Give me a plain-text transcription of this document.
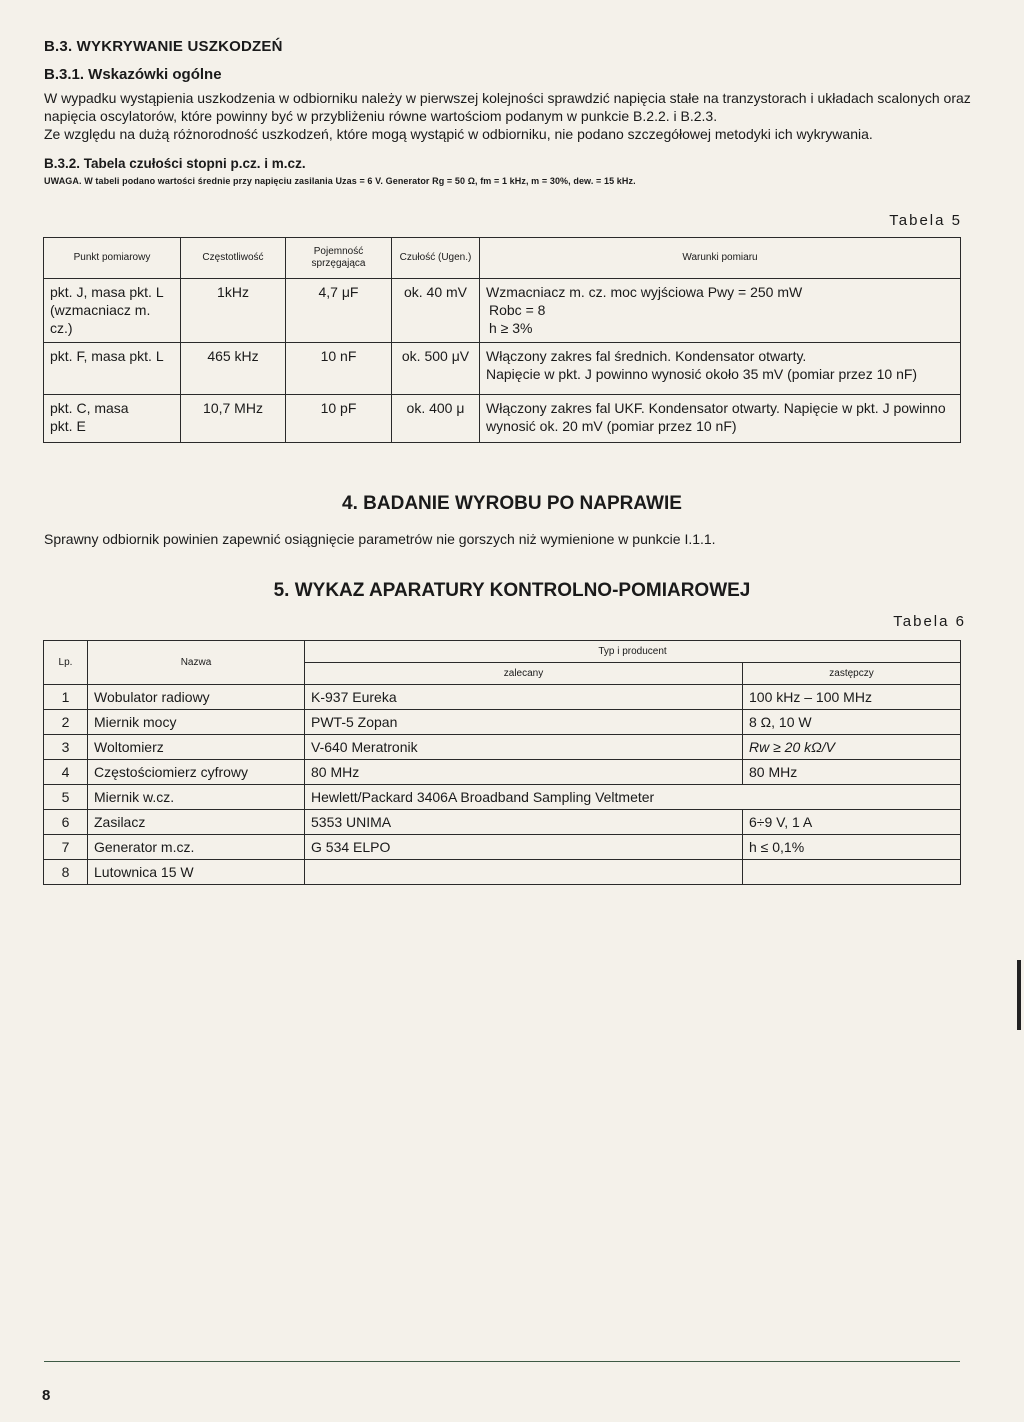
B.3. WYKRYWANIE USZKODZEŃ
B.3.1. Wskazówki ogólne
W wypadku wystąpienia uszkodzenia w odbiorniku należy w pierwszej kolejności sprawdzić napięcia stałe na tranzystorach i układach scalonych oraz napięcia oscylatorów, które powinny być w przybliżeniu równe wartościom podanym w punkcie B.2.2. i B.2.3.
Ze względu na dużą różnorodność uszkodzeń, które mogą wystąpić w odbiorniku, nie podano szczegółowej metodyki ich wykrywania.
B.3.2. Tabela czułości stopni p.cz. i m.cz.
UWAGA. W tabeli podano wartości średnie przy napięciu zasilania Uzas = 6 V. Generator Rg = 50 Ω, fm = 1 kHz, m = 30%, dew. = 15 kHz.
Tabela 5
Punkt pomiarowy	Częstotliwość	Pojemność sprzęgająca	Czułość (Ugen.)	Warunki pomiaru
pkt. J, masa pkt. L (wzmacniacz m. cz.)	1kHz	4,7 μF	ok. 40 mV	Wzmacniacz m. cz. moc wyjściowa Pwy = 250 mW
Robc = 8
h ≥ 3%

pkt. F, masa pkt. L	465 kHz	10 nF	ok. 500 μV	Włączony zakres fal średnich. Kondensator otwarty.
Napięcie w pkt. J powinno wynosić około 35 mV (pomiar przez 10 nF)

pkt. C, masa pkt. E	10,7 MHz	10 pF	ok. 400 μ	Włączony zakres fal UKF. Kondensator otwarty. Napięcie w pkt. J powinno wynosić ok. 20 mV (pomiar przez 10 nF)
4. BADANIE WYROBU PO NAPRAWIE
Sprawny odbiornik powinien zapewnić osiągnięcie parametrów nie gorszych niż wymienione w punkcie I.1.1.
5. WYKAZ APARATURY KONTROLNO-POMIAROWEJ
Tabela 6
Lp.	Nazwa	Typ i producent	
		zalecany	zastępczy
1	Wobulator radiowy	K-937 Eureka	100 kHz – 100 MHz
2	Miernik mocy	PWT-5 Zopan	8 Ω, 10 W
3	Woltomierz	V-640 Meratronik	Rw ≥ 20 kΩ/V
4	Częstościomierz cyfrowy	80 MHz	80 MHz
5	Miernik w.cz.	Hewlett/Packard 3406A Broadband Sampling Veltmeter	
6	Zasilacz	5353 UNIMA	6÷9 V, 1 A
7	Generator m.cz.	G 534 ELPO	h ≤ 0,1%
8	Lutownica 15 W		
8
